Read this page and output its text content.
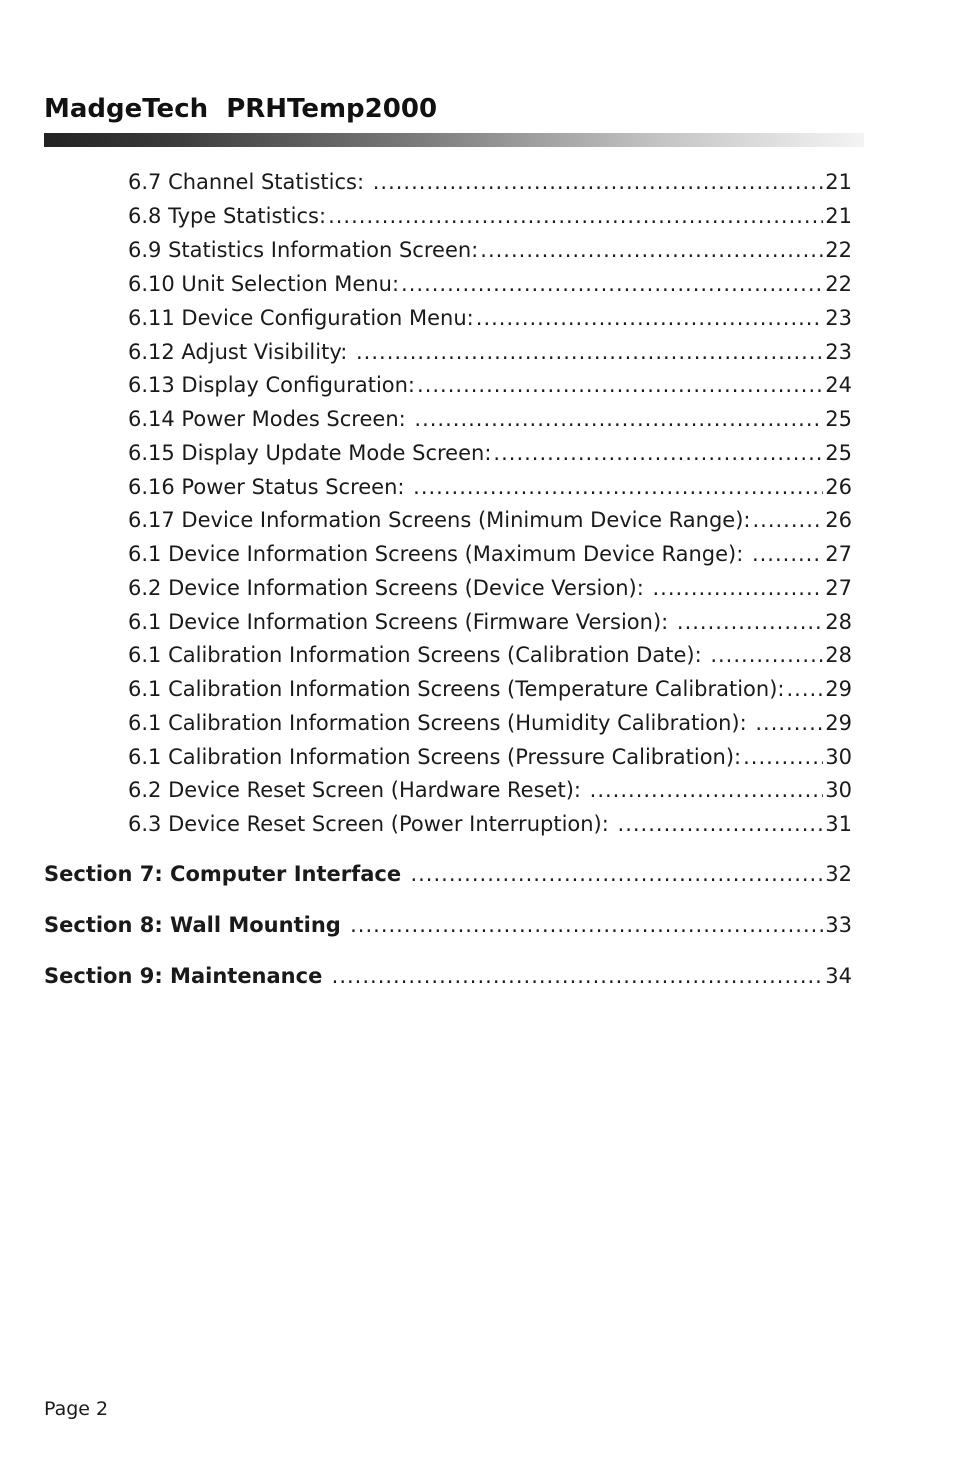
MadgeTech  PRHTemp2000
6.7 Channel Statistics: .....	21
6.8 Type Statistics: .....	21
6.9 Statistics Information Screen: .....	22
6.10 Unit Selection Menu: .....	22
6.11 Device Configuration Menu: .....	23
6.12 Adjust Visibility: .....	23
6.13 Display Configuration: .....	24
6.14 Power Modes Screen: .....	25
6.15 Display Update Mode Screen: .....	25
6.16 Power Status Screen: .....	26
6.17 Device Information Screens (Minimum Device Range): .....	26
6.1 Device Information Screens (Maximum Device Range): .....	27
6.2 Device Information Screens (Device Version): .....	27
6.1 Device Information Screens (Firmware Version): .....	28
6.1 Calibration Information Screens (Calibration Date): .....	28
6.1 Calibration Information Screens (Temperature Calibration): ..... 29
6.1 Calibration Information Screens (Humidity Calibration): .....	29
6.1 Calibration Information Screens (Pressure Calibration): .....	30
6.2 Device Reset Screen (Hardware Reset): .....	30
6.3 Device Reset Screen (Power Interruption): .....	31
Section 7: Computer Interface .....	32
Section 8: Wall Mounting .....	33
Section 9: Maintenance .....	34
Page 2
